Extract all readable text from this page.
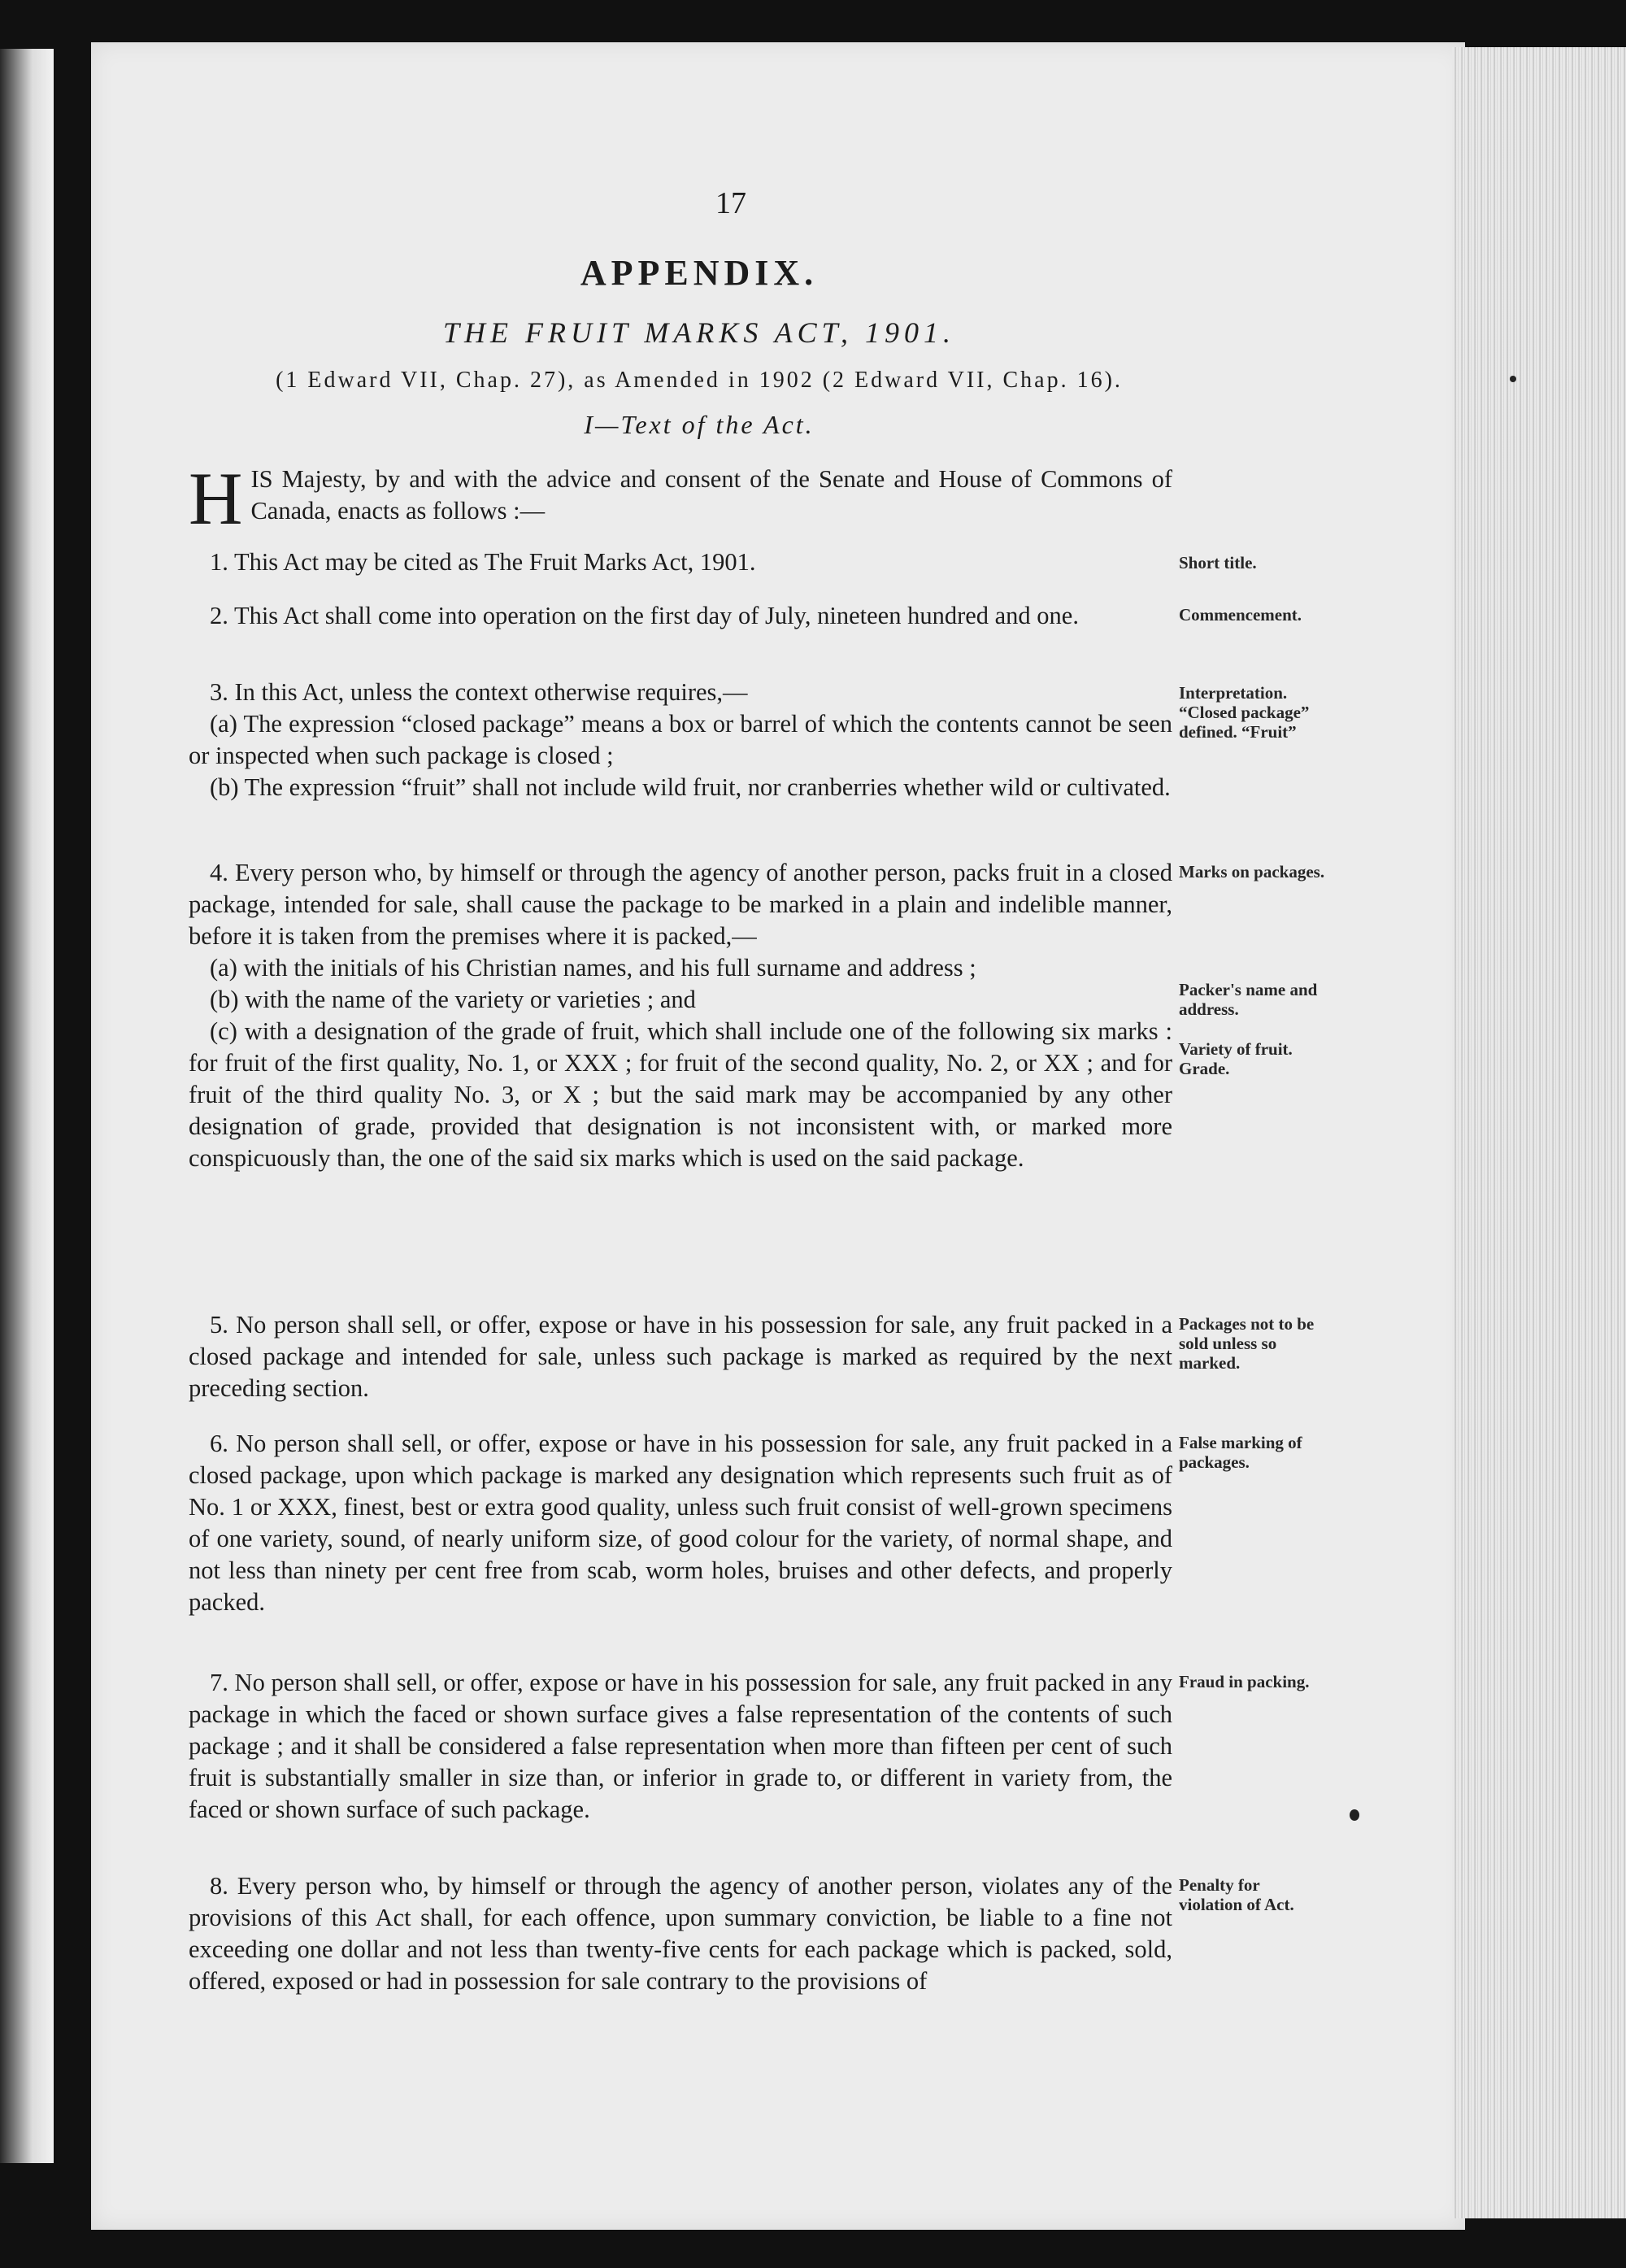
17
APPENDIX.
THE FRUIT MARKS ACT, 1901.
(1 Edward VII, Chap. 27), as Amended in 1902 (2 Edward VII, Chap. 16).
I—Text of the Act.
H IS Majesty, by and with the advice and consent of the Senate and House of Commons of Canada, enacts as follows :—

1. This Act may be cited as The Fruit Marks Act, 1901.	Short title.

2. This Act shall come into operation on the first day of July, nineteen hundred and one.	Commencement.

3. In this Act, unless the context otherwise requires,—

(a) The expression “closed package” means a box or barrel of which the contents cannot be seen or inspected when such package is closed ;

(b) The expression “fruit” shall not include wild fruit, nor cranberries whether wild or cultivated.

Interpretation. “Closed package” defined. “Fruit”

4. Every person who, by himself or through the agency of another person, packs fruit in a closed package, intended for sale, shall cause the package to be marked in a plain and indelible manner, before it is taken from the premises where it is packed,—

(a) with the initials of his Christian names, and his full surname and address ;

(b) with the name of the variety or varieties ; and

(c) with a designation of the grade of fruit, which shall include one of the following six marks : for fruit of the first quality, No. 1, or XXX ; for fruit of the second quality, No. 2, or XX ; and for fruit of the third quality No. 3, or X ; but the said mark may be accompanied by any other designation of grade, provided that designation is not inconsistent with, or marked more conspicuously than, the one of the said six marks which is used on the said package.

Marks on packages.
Packer's name and address.
Variety of fruit. Grade.

5. No person shall sell, or offer, expose or have in his possession for sale, any fruit packed in a closed package and intended for sale, unless such package is marked as required by the next preceding section.

Packages not to be sold unless so marked.

6. No person shall sell, or offer, expose or have in his possession for sale, any fruit packed in a closed package, upon which package is marked any designation which represents such fruit as of No. 1 or XXX, finest, best or extra good quality, unless such fruit consist of well-grown specimens of one variety, sound, of nearly uniform size, of good colour for the variety, of normal shape, and not less than ninety per cent free from scab, worm holes, bruises and other defects, and properly packed.

False marking of packages.

7. No person shall sell, or offer, expose or have in his possession for sale, any fruit packed in any package in which the faced or shown surface gives a false representation of the contents of such package ; and it shall be considered a false representation when more than fifteen per cent of such fruit is substantially smaller in size than, or inferior in grade to, or different in variety from, the faced or shown surface of such package.

Fraud in packing.

8. Every person who, by himself or through the agency of another person, violates any of the provisions of this Act shall, for each offence, upon summary conviction, be liable to a fine not exceeding one dollar and not less than twenty-five cents for each package which is packed, sold, offered, exposed or had in possession for sale contrary to the provisions of

Penalty for violation of Act.
